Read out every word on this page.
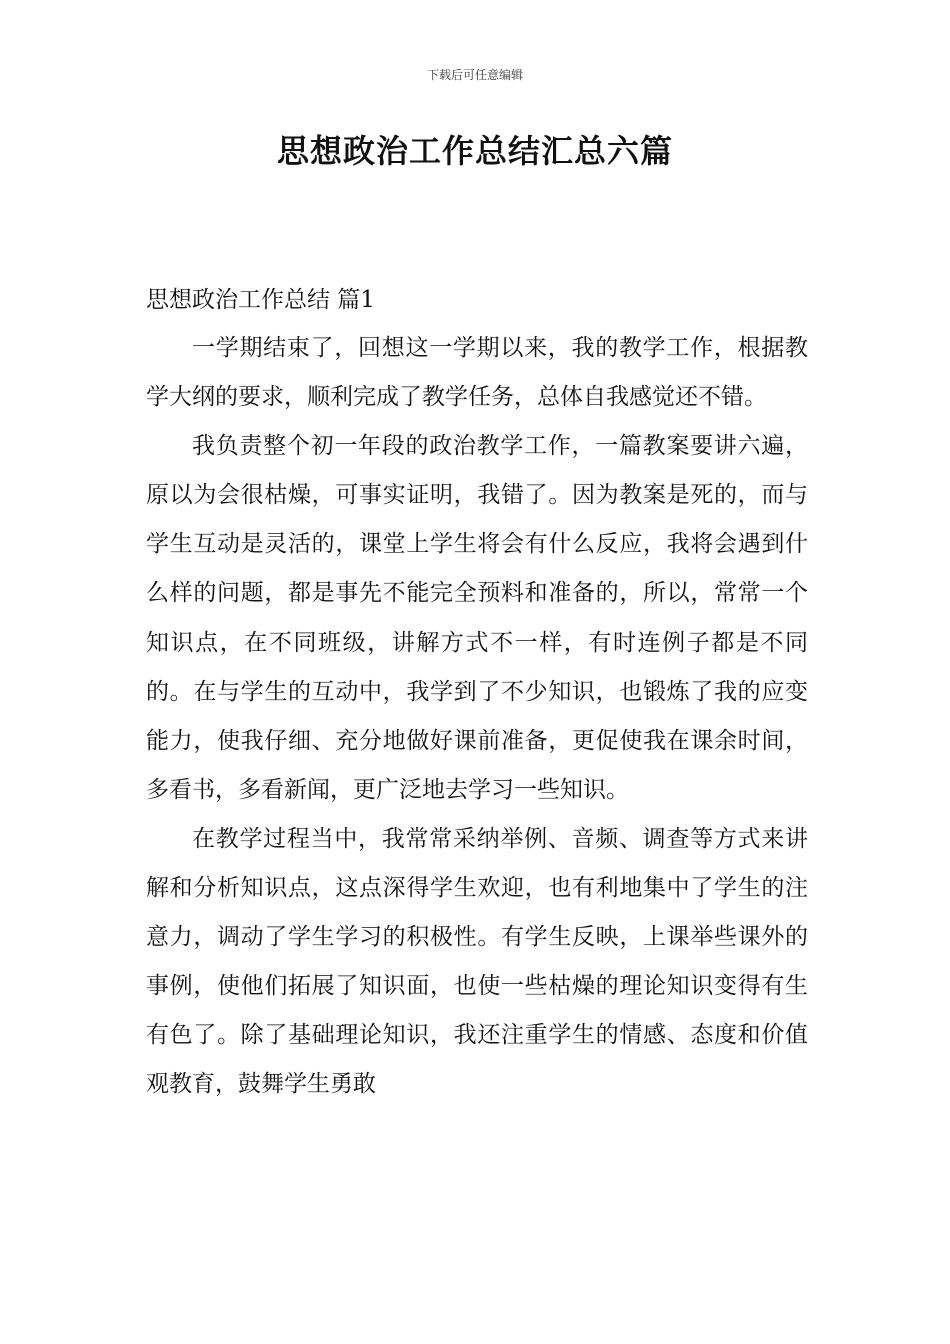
下载后可任意编辑
思想政治工作总结汇总六篇
思想政治工作总结 篇1

一学期结束了，回想这一学期以来，我的教学工作，根据教学大纲的要求，顺利完成了教学任务，总体自我感觉还不错。

我负责整个初一年段的政治教学工作，一篇教案要讲六遍，原以为会很枯燥，可事实证明，我错了。因为教案是死的，而与学生互动是灵活的，课堂上学生将会有什么反应，我将会遇到什么样的问题，都是事先不能完全预料和准备的，所以，常常一个知识点，在不同班级，讲解方式不一样，有时连例子都是不同的。在与学生的互动中，我学到了不少知识，也锻炼了我的应变能力，使我仔细、充分地做好课前准备，更促使我在课余时间，多看书，多看新闻，更广泛地去学习一些知识。

在教学过程当中，我常常采纳举例、音频、调查等方式来讲解和分析知识点，这点深得学生欢迎，也有利地集中了学生的注意力，调动了学生学习的积极性。有学生反映，上课举些课外的事例，使他们拓展了知识面，也使一些枯燥的理论知识变得有生有色了。除了基础理论知识，我还注重学生的情感、态度和价值观教育，鼓舞学生勇敢
